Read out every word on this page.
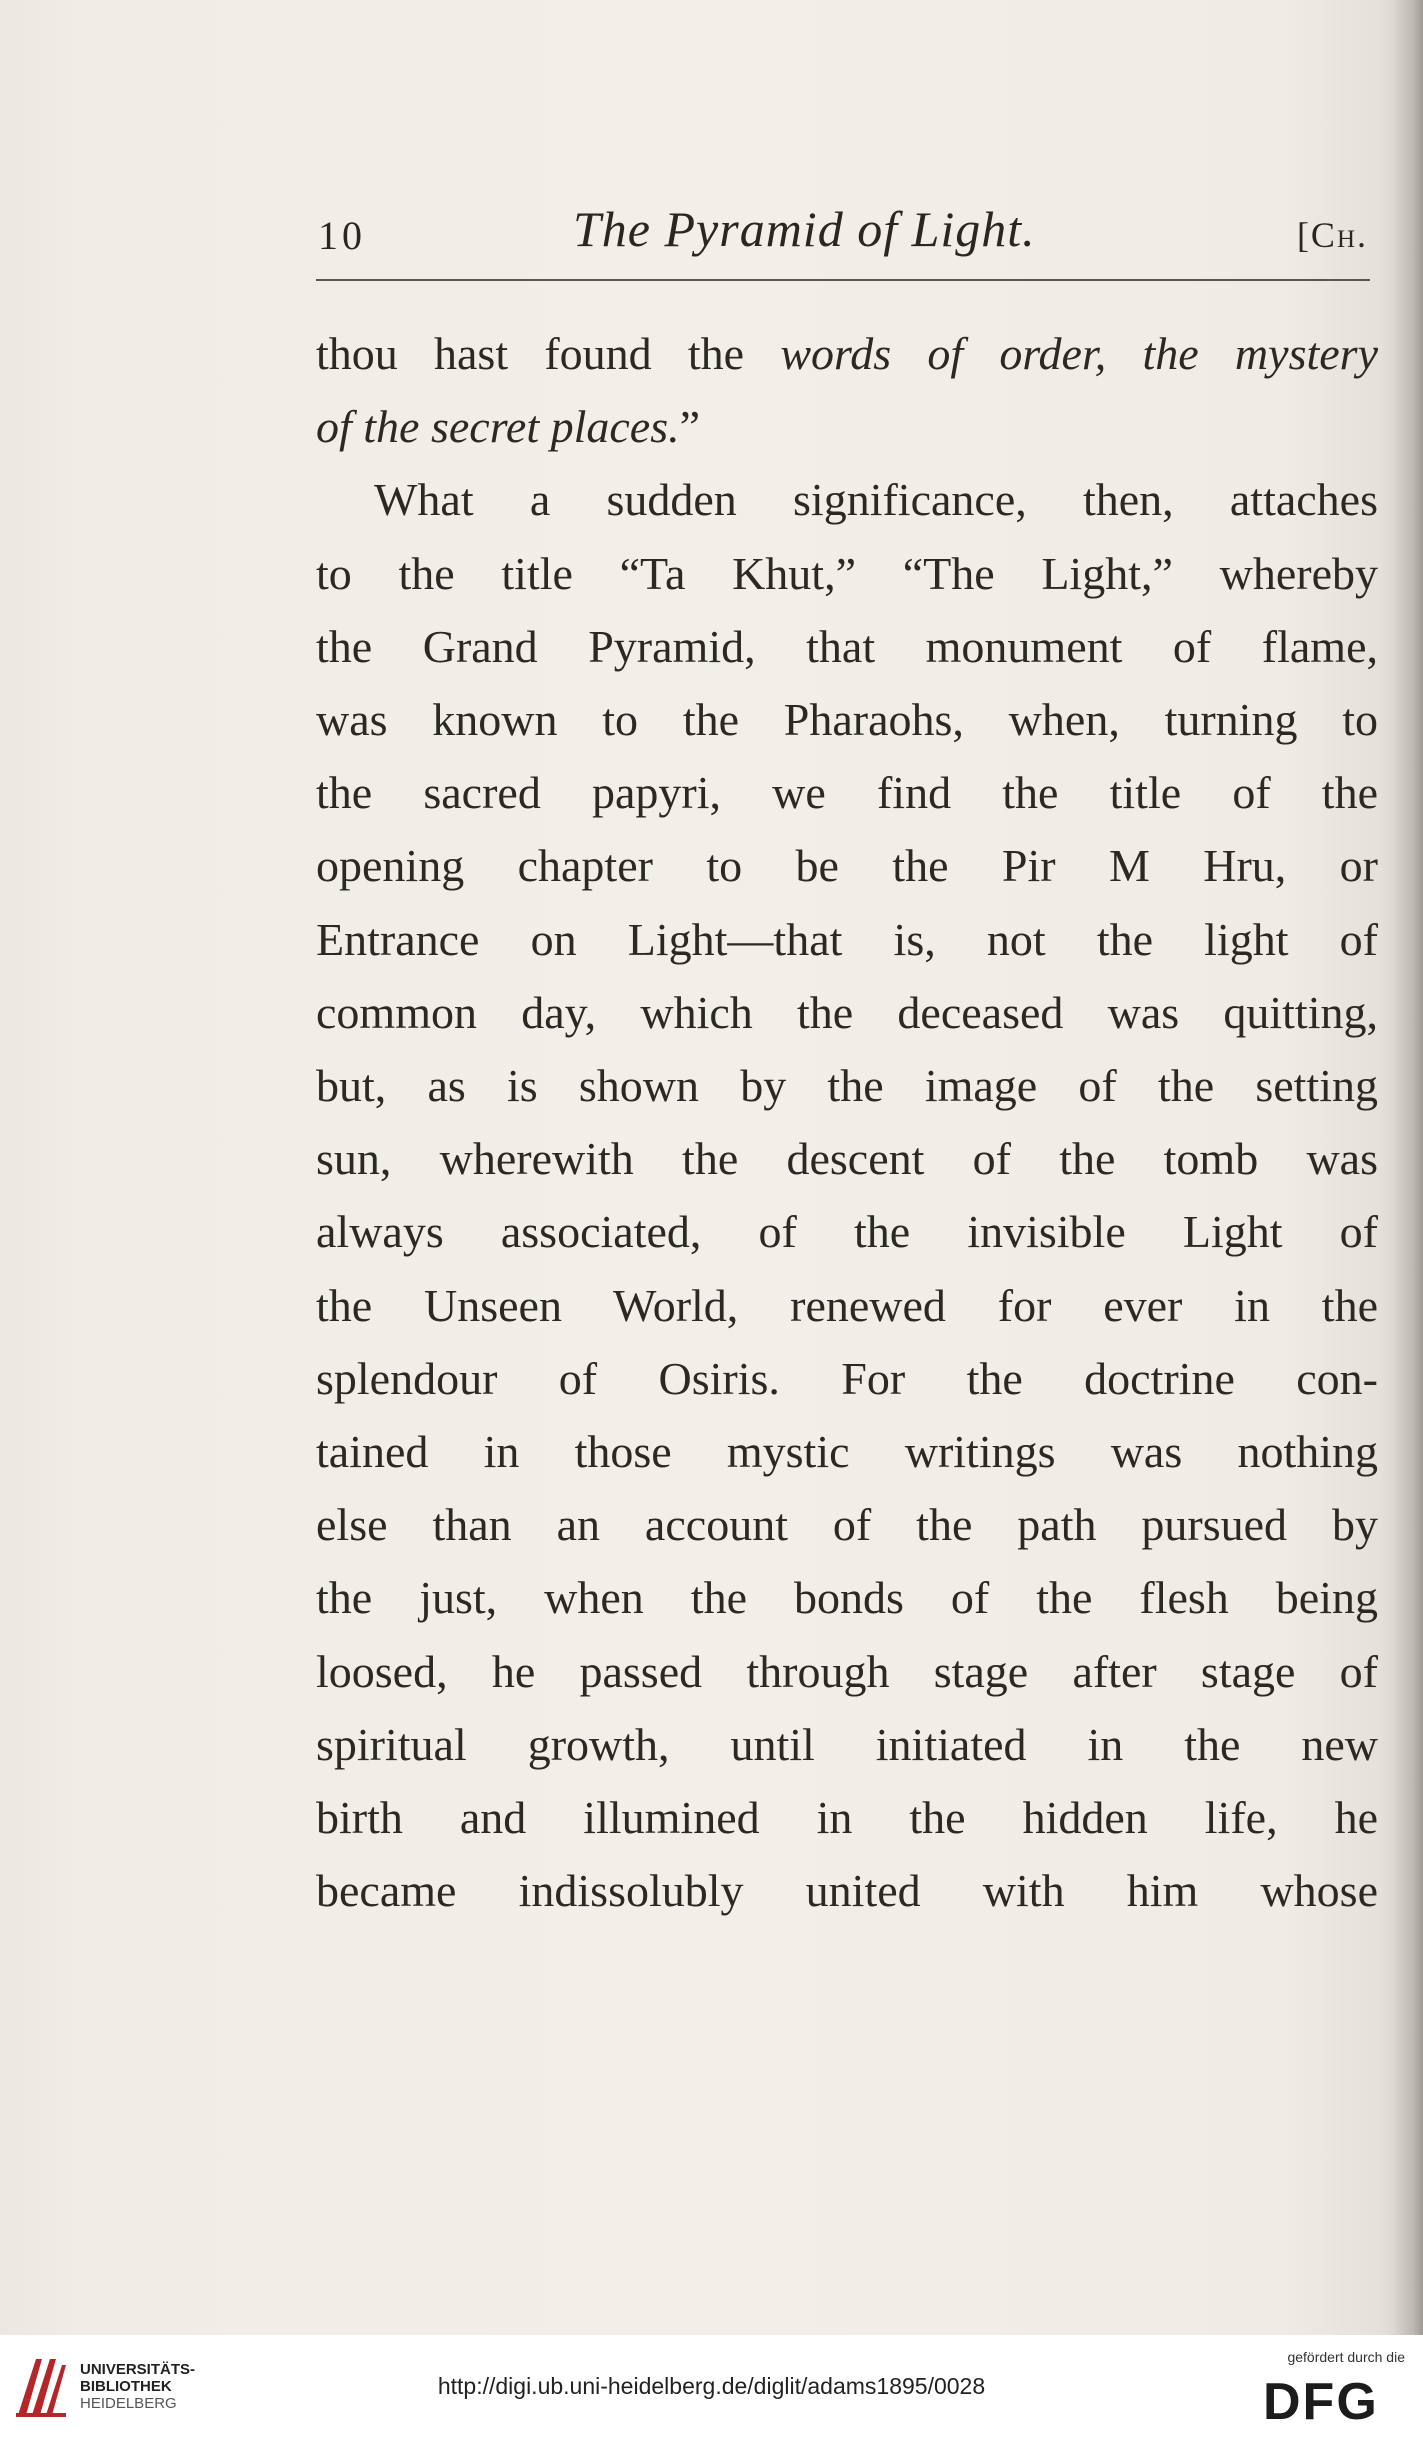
10	The Pyramid of Light.	[Ch.
thou hast found the words of order, the mystery
of the secret places.”
What a sudden significance, then, attaches
to the title “Ta Khut,” “The Light,” whereby
the Grand Pyramid, that monument of flame,
was known to the Pharaohs, when, turning to
the sacred papyri, we find the title of the
opening chapter to be the Pir M Hru, or
Entrance on Light—that is, not the light of
common day, which the deceased was quitting,
but, as is shown by the image of the setting
sun, wherewith the descent of the tomb was
always associated, of the invisible Light of
the Unseen World, renewed for ever in the
splendour of Osiris. For the doctrine con-
tained in those mystic writings was nothing
else than an account of the path pursued by
the just, when the bonds of the flesh being
loosed, he passed through stage after stage of
spiritual growth, until initiated in the new
birth and illumined in the hidden life, he
became indissolubly united with him whose
UNIVERSITÄTS-
BIBLIOTHEK
HEIDELBERG
http://digi.ub.uni-heidelberg.de/diglit/adams1895/0028
gefördert durch die
DFG
